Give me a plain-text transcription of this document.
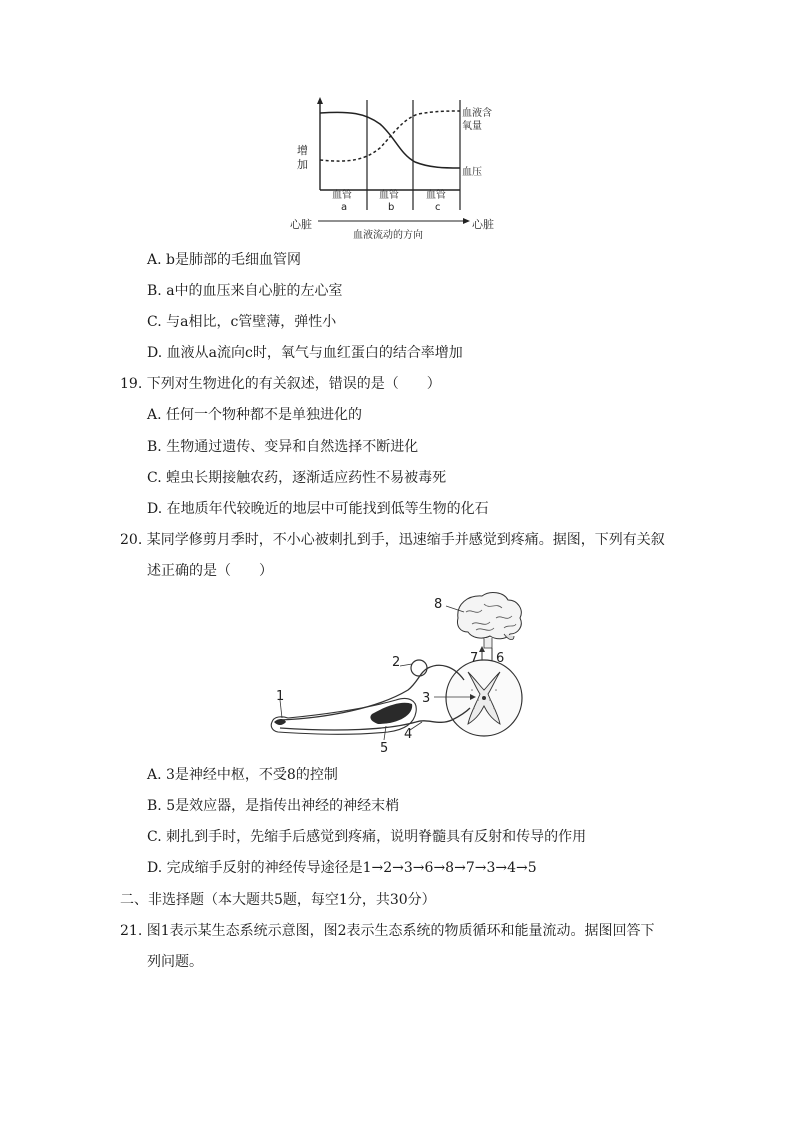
增
加
血液含
氧量
血压
血管
a
血管
b
血管
c
心脏	心脏
血液流动的方向
A. b是肺部的毛细血管网
B. a中的血压来自心脏的左心室
C. 与a相比，c管壁薄，弹性小
D. 血液从a流向c时，氧气与血红蛋白的结合率增加
19. 下列对生物进化的有关叙述，错误的是（　　）
A. 任何一个物种都不是单独进化的
B. 生物通过遗传、变异和自然选择不断进化
C. 蝗虫长期接触农药，逐渐适应药性不易被毒死
D. 在地质年代较晚近的地层中可能找到低等生物的化石
20. 某同学修剪月季时，不小心被刺扎到手，迅速缩手并感觉到疼痛。据图，下列有关叙
述正确的是（　　）
1
2
3
4
5
6
7
8
A. 3是神经中枢，不受8的控制
B. 5是效应器，是指传出神经的神经末梢
C. 刺扎到手时，先缩手后感觉到疼痛，说明脊髓具有反射和传导的作用
D. 完成缩手反射的神经传导途径是1→2→3→6→8→7→3→4→5
二、非选择题（本大题共5题，每空1分，共30分）
21. 图1表示某生态系统示意图，图2表示生态系统的物质循环和能量流动。据图回答下
列问题。
